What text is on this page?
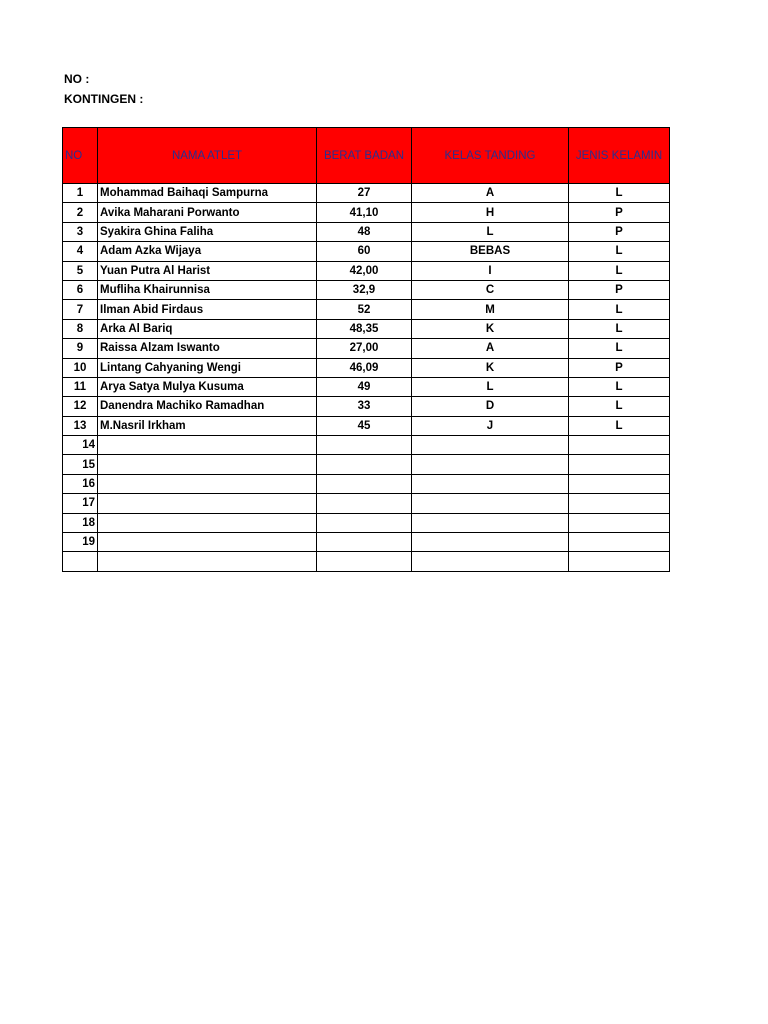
NO :
KONTINGEN :
NO	NAMA ATLET	BERAT BADAN	KELAS TANDING	JENIS KELAMIN
1	Mohammad Baihaqi Sampurna	27	A	L
2	Avika Maharani Porwanto	41,10	H	P
3	Syakira Ghina Faliha	48	L	P
4	Adam Azka Wijaya	60	BEBAS	L
5	Yuan Putra Al Harist	42,00	I	L
6	Mufliha Khairunnisa	32,9	C	P
7	Ilman Abid Firdaus	52	M	L
8	Arka Al Bariq	48,35	K	L
9	Raissa Alzam Iswanto	27,00	A	L
10	Lintang Cahyaning Wengi	46,09	K	P
11	Arya Satya Mulya Kusuma	49	L	L
12	Danendra Machiko Ramadhan	33	D	L
13	M.Nasril Irkham	45	J	L
14				
15				
16				
17				
18				
19				
